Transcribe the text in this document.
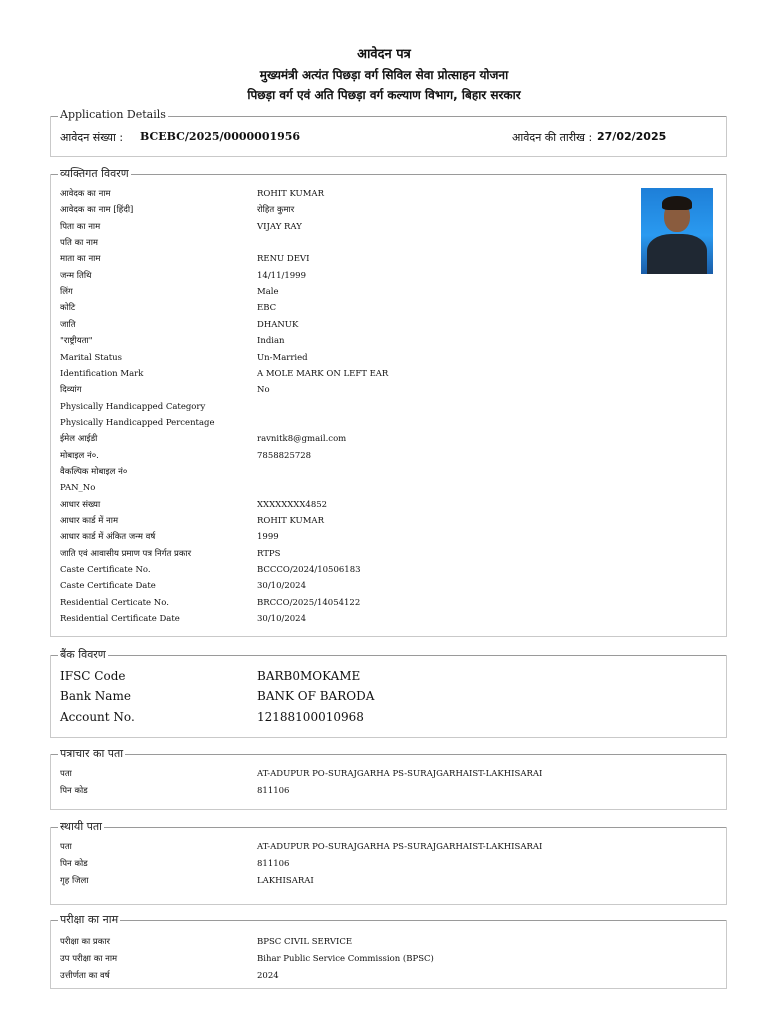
आवेदन पत्र
मुख्यमंत्री अत्यंत पिछड़ा वर्ग सिविल सेवा प्रोत्साहन योजना
पिछड़ा वर्ग एवं अति पिछड़ा वर्ग कल्याण विभाग, बिहार सरकार
Application Details
आवेदन संख्या : BCEBC/2025/0000001956	आवेदन की तारीख : 27/02/2025
व्यक्तिगत विवरण
आवेदक का नाम	ROHIT KUMAR
आवेदक का नाम [हिंदी]	रोहित कुमार
पिता का नाम	VIJAY RAY
पति का नाम
माता का नाम	RENU DEVI
जन्म तिथि	14/11/1999
लिंग	Male
कोटि	EBC
जाति	DHANUK
"राष्ट्रीयता"	Indian
Marital Status	Un-Married
Identification Mark	A MOLE MARK ON LEFT EAR
दिव्यांग	No
Physically Handicapped Category
Physically Handicapped Percentage
ईमेल आईडी	ravnitk8@gmail.com
मोबाइल नं०.	7858825728
वैकल्पिक मोबाइल नं०
PAN_No
आधार संख्या	XXXXXXXX4852
आधार कार्ड में नाम	ROHIT KUMAR
आधार कार्ड में अंकित जन्म वर्ष	1999
जाति एवं आवासीय प्रमाण पत्र निर्गत प्रकार	RTPS
Caste Certificate No.	BCCCO/2024/10506183
Caste Certificate Date	30/10/2024
Residential Certicate No.	BRCCO/2025/14054122
Residential Certificate Date	30/10/2024
बैंक विवरण
IFSC Code	BARB0MOKAME
Bank Name	BANK OF BARODA
Account No.	12188100010968
पत्राचार का पता
पता	AT-ADUPUR PO-SURAJGARHA PS-SURAJGARHAIST-LAKHISARAI
पिन कोड	811106
स्थायी पता
पता	AT-ADUPUR PO-SURAJGARHA PS-SURAJGARHAIST-LAKHISARAI
पिन कोड	811106
गृह जिला	LAKHISARAI
परीक्षा का नाम
परीक्षा का प्रकार	BPSC CIVIL SERVICE
उप परीक्षा का नाम	Bihar Public Service Commission (BPSC)
उत्तीर्णता का वर्ष	2024
